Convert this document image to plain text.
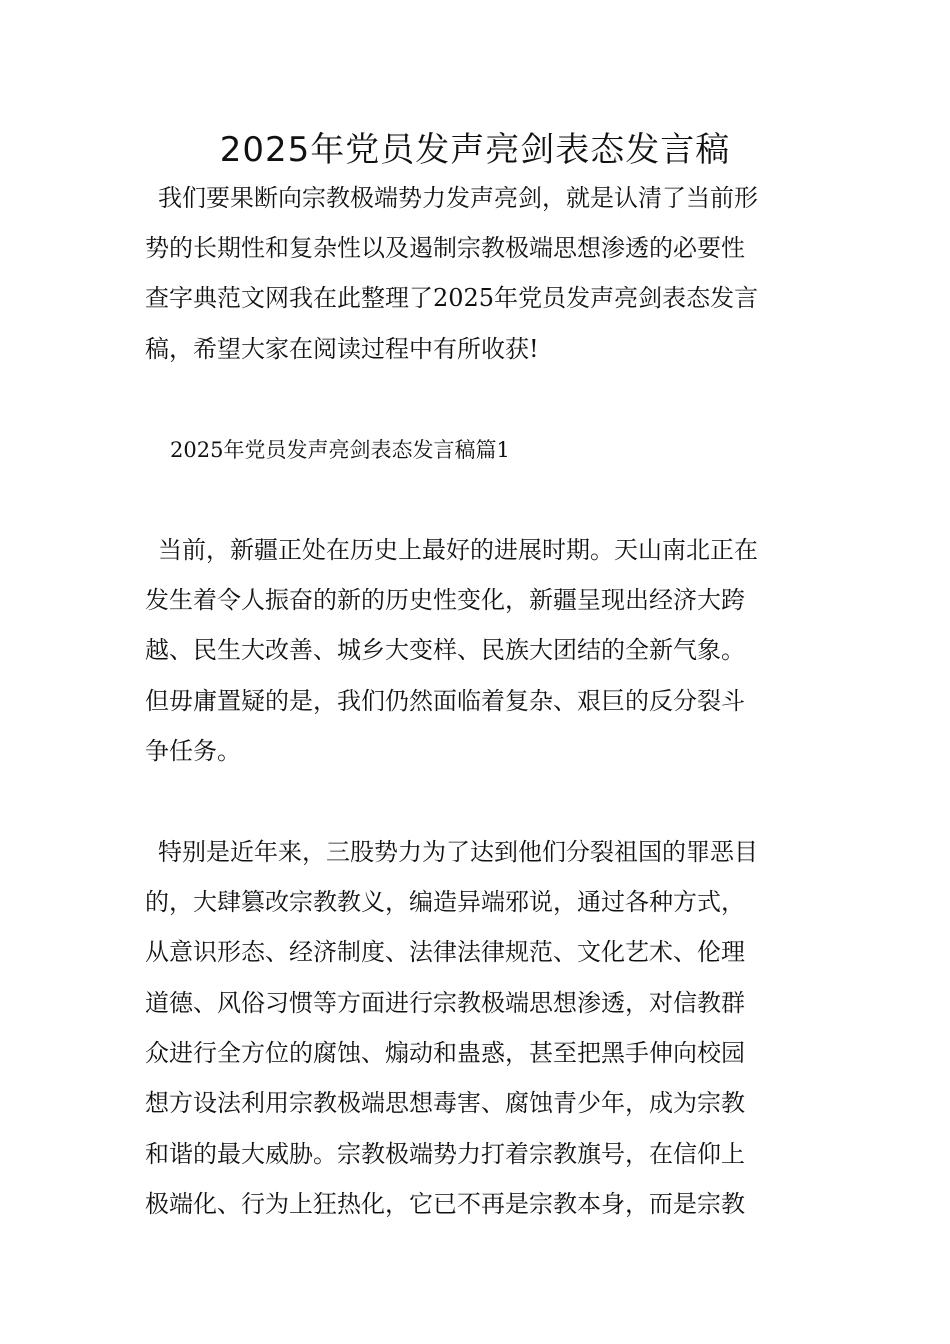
2025年党员发声亮剑表态发言稿

我们要果断向宗教极端势力发声亮剑，就是认清了当前形

势的长期性和复杂性以及遏制宗教极端思想渗透的必要性

查字典范文网我在此整理了2025年党员发声亮剑表态发言

稿，希望大家在阅读过程中有所收获!

2025年党员发声亮剑表态发言稿篇1

当前，新疆正处在历史上最好的进展时期。天山南北正在

发生着令人振奋的新的历史性变化，新疆呈现出经济大跨

越、民生大改善、城乡大变样、民族大团结的全新气象。

但毋庸置疑的是，我们仍然面临着复杂、艰巨的反分裂斗

争任务。

特别是近年来，三股势力为了达到他们分裂祖国的罪恶目

的，大肆篡改宗教教义，编造异端邪说，通过各种方式，

从意识形态、经济制度、法律法律规范、文化艺术、伦理

道德、风俗习惯等方面进行宗教极端思想渗透，对信教群

众进行全方位的腐蚀、煽动和蛊惑，甚至把黑手伸向校园

想方设法利用宗教极端思想毒害、腐蚀青少年，成为宗教

和谐的最大威胁。宗教极端势力打着宗教旗号，在信仰上

极端化、行为上狂热化，它已不再是宗教本身，而是宗教
